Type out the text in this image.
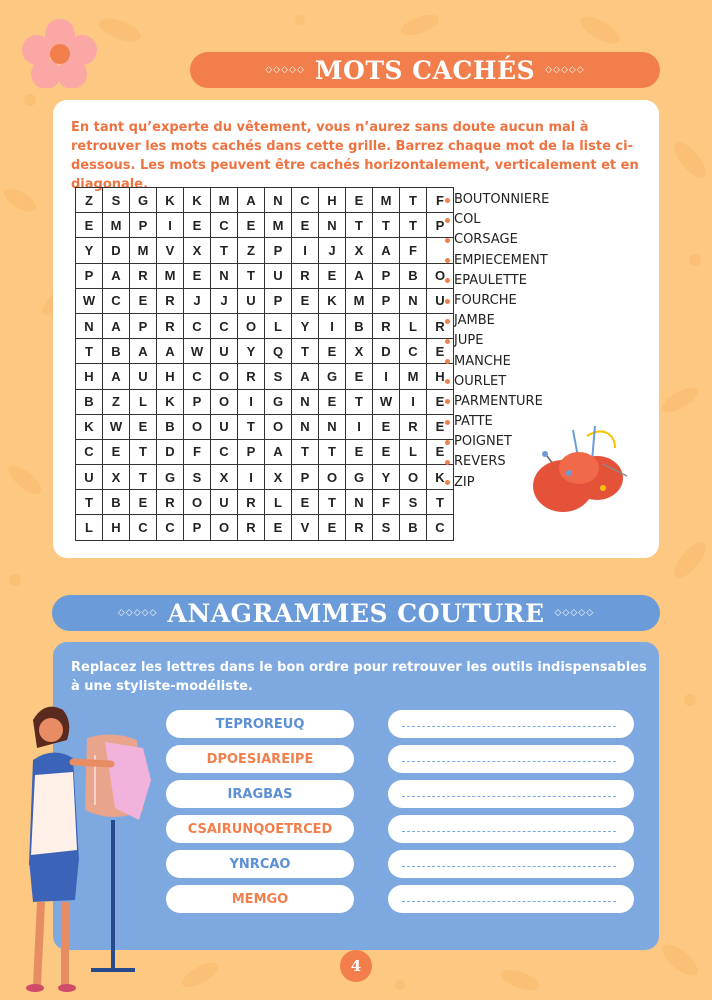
◇◇◇◇◇ MOTS CACHÉS ◇◇◇◇◇
En tant qu’experte du vêtement, vous n’aurez sans doute aucun mal à retrouver les mots cachés dans cette grille. Barrez chaque mot de la liste ci-dessous. Les mots peuvent être cachés horizontalement, verticalement et en diagonale.
Z	S	G	K	K	M	A	N	C	H	E	M	T	F
E	M	P	I	E	C	E	M	E	N	T	T	T	P
Y	D	M	V	X	T	Z	P	I	J	X	A	F	
P	A	R	M	E	N	T	U	R	E	A	P	B	O
W	C	E	R	J	J	U	P	E	K	M	P	N	U
N	A	P	R	C	C	O	L	Y	I	B	R	L	R
T	B	A	A	W	U	Y	Q	T	E	X	D	C	E
H	A	U	H	C	O	R	S	A	G	E	I	M	H
B	Z	L	K	P	O	I	G	N	E	T	W	I	E
K	W	E	B	O	U	T	O	N	N	I	E	R	E
C	E	T	D	F	C	P	A	T	T	E	E	L	E
U	X	T	G	S	X	I	X	P	O	G	Y	O	K
T	B	E	R	O	U	R	L	E	T	N	F	S	T
L	H	C	C	P	O	R	E	V	E	R	S	B	C
BOUTONNIERE
COL
CORSAGE
EMPIECEMENT
EPAULETTE
FOURCHE
JAMBE
JUPE
MANCHE
OURLET
PARMENTURE
PATTE
POIGNET
REVERS
ZIP
◇◇◇◇◇ ANAGRAMMES COUTURE ◇◇◇◇◇
Replacez les lettres dans le bon ordre pour retrouver les outils indispensables à une styliste-modéliste.
TEPROREUQ
DPOESIAREIPE
IRAGBAS
CSAIRUNQOETRCED
YNRCAO
MEMGO
4
